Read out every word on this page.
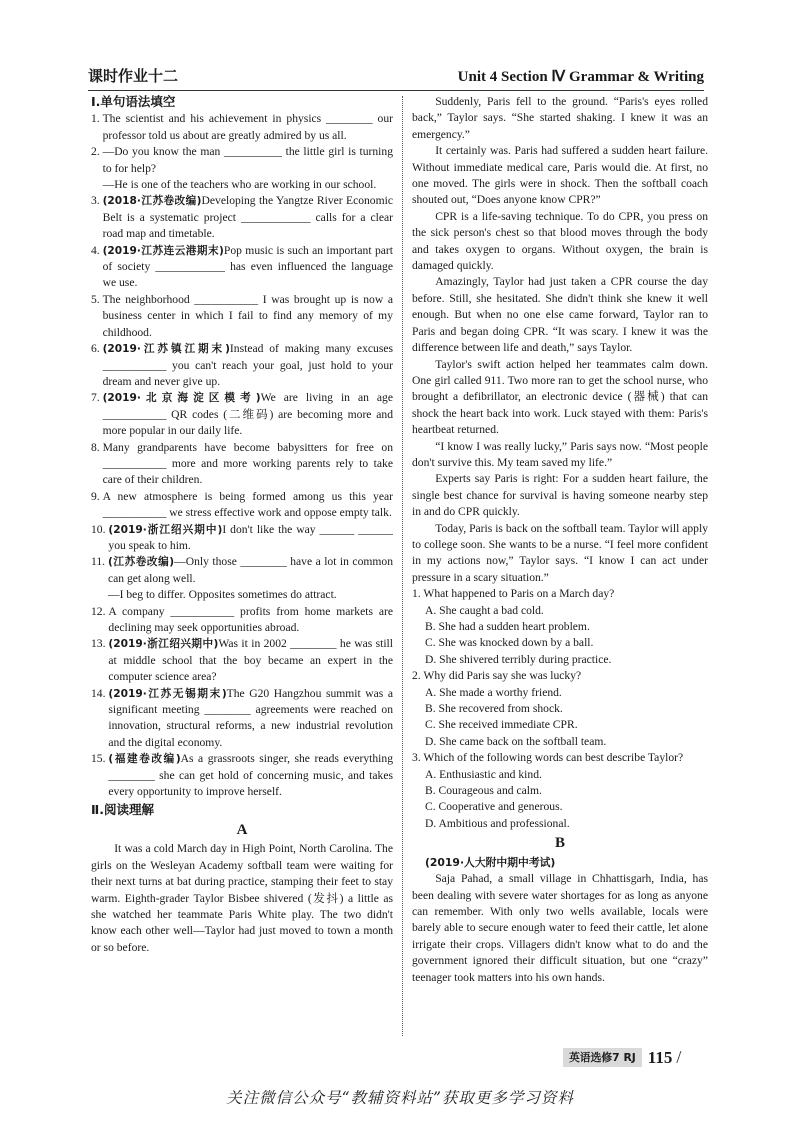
课时作业十二	Unit 4 Section Ⅳ Grammar & Writing
Ⅰ.单句语法填空
1. The scientist and his achievement in physics ________ our professor told us about are greatly admired by us all.
2. —Do you know the man __________ the little girl is turning to for help?
—He is one of the teachers who are working in our school.
3. (2018·江苏卷改编)Developing the Yangtze River Economic Belt is a systematic project ____________ calls for a clear road map and timetable.
4. (2019·江苏连云港期末)Pop music is such an important part of society ____________ has even influenced the language we use.
5. The neighborhood ___________ I was brought up is now a business center in which I fail to find any memory of my childhood.
6. (2019·江苏镇江期末)Instead of making many excuses ___________ you can't reach your goal, just hold to your dream and never give up.
7. (2019·北京海淀区模考)We are living in an age ___________ QR codes (二维码) are becoming more and more popular in our daily life.
8. Many grandparents have become babysitters for free on ___________ more and more working parents rely to take care of their children.
9. A new atmosphere is being formed among us this year ___________ we stress effective work and oppose empty talk.
10. (2019·浙江绍兴期中)I don't like the way ______ ______ you speak to him.
11. (江苏卷改编)—Only those ________ have a lot in common can get along well.
—I beg to differ. Opposites sometimes do attract.
12. A company ___________ profits from home markets are declining may seek opportunities abroad.
13. (2019·浙江绍兴期中)Was it in 2002 ________ he was still at middle school that the boy became an expert in the computer science area?
14. (2019·江苏无锡期末)The G20 Hangzhou summit was a significant meeting ________ agreements were reached on innovation, structural reforms, a new industrial revolution and the digital economy.
15. (福建卷改编)As a grassroots singer, she reads everything ________ she can get hold of concerning music, and takes every opportunity to improve herself.
Ⅱ.阅读理解
A

It was a cold March day in High Point, North Carolina. The girls on the Wesleyan Academy softball team were waiting for their next turns at bat during practice, stamping their feet to stay warm. Eighth-grader Taylor Bisbee shivered (发抖) a little as she watched her teammate Paris White play. The two didn't know each other well—Taylor had just moved to town a month or so before.

Suddenly, Paris fell to the ground. “Paris's eyes rolled back,” Taylor says. “She started shaking. I knew it was an emergency.”

It certainly was. Paris had suffered a sudden heart failure. Without immediate medical care, Paris would die. At first, no one moved. The girls were in shock. Then the softball coach shouted out, “Does anyone know CPR?”

CPR is a life-saving technique. To do CPR, you press on the sick person's chest so that blood moves through the body and takes oxygen to organs. Without oxygen, the brain is damaged quickly.

Amazingly, Taylor had just taken a CPR course the day before. Still, she hesitated. She didn't think she knew it well enough. But when no one else came forward, Taylor ran to Paris and began doing CPR. “It was scary. I knew it was the difference between life and death,” says Taylor.

Taylor's swift action helped her teammates calm down. One girl called 911. Two more ran to get the school nurse, who brought a defibrillator, an electronic device (器械) that can shock the heart back into work. Luck stayed with them: Paris's heartbeat returned.

“I know I was really lucky,” Paris says now. “Most people don't survive this. My team saved my life.”

Experts say Paris is right: For a sudden heart failure, the single best chance for survival is having someone nearby step in and do CPR quickly.

Today, Paris is back on the softball team. Taylor will apply to college soon. She wants to be a nurse. “I feel more confident in my actions now,” Taylor says. “I know I can act under pressure in a scary situation.”

1. What happened to Paris on a March day?
A. She caught a bad cold.
B. She had a sudden heart problem.
C. She was knocked down by a ball.
D. She shivered terribly during practice.
2. Why did Paris say she was lucky?
A. She made a worthy friend.
B. She recovered from shock.
C. She received immediate CPR.
D. She came back on the softball team.
3. Which of the following words can best describe Taylor?
A. Enthusiastic and kind.
B. Courageous and calm.
C. Cooperative and generous.
D. Ambitious and professional.
B
(2019·人大附中期中考试)

Saja Pahad, a small village in Chhattisgarh, India, has been dealing with severe water shortages for as long as anyone can remember. With only two wells available, locals were barely able to secure enough water to feed their cattle, let alone irrigate their crops. Villagers didn't know what to do and the government ignored their difficult situation, but one “crazy” teenager took matters into his own hands.

英语选修7 RJ 115 /
关注微信公众号“教辅资料站”获取更多学习资料
